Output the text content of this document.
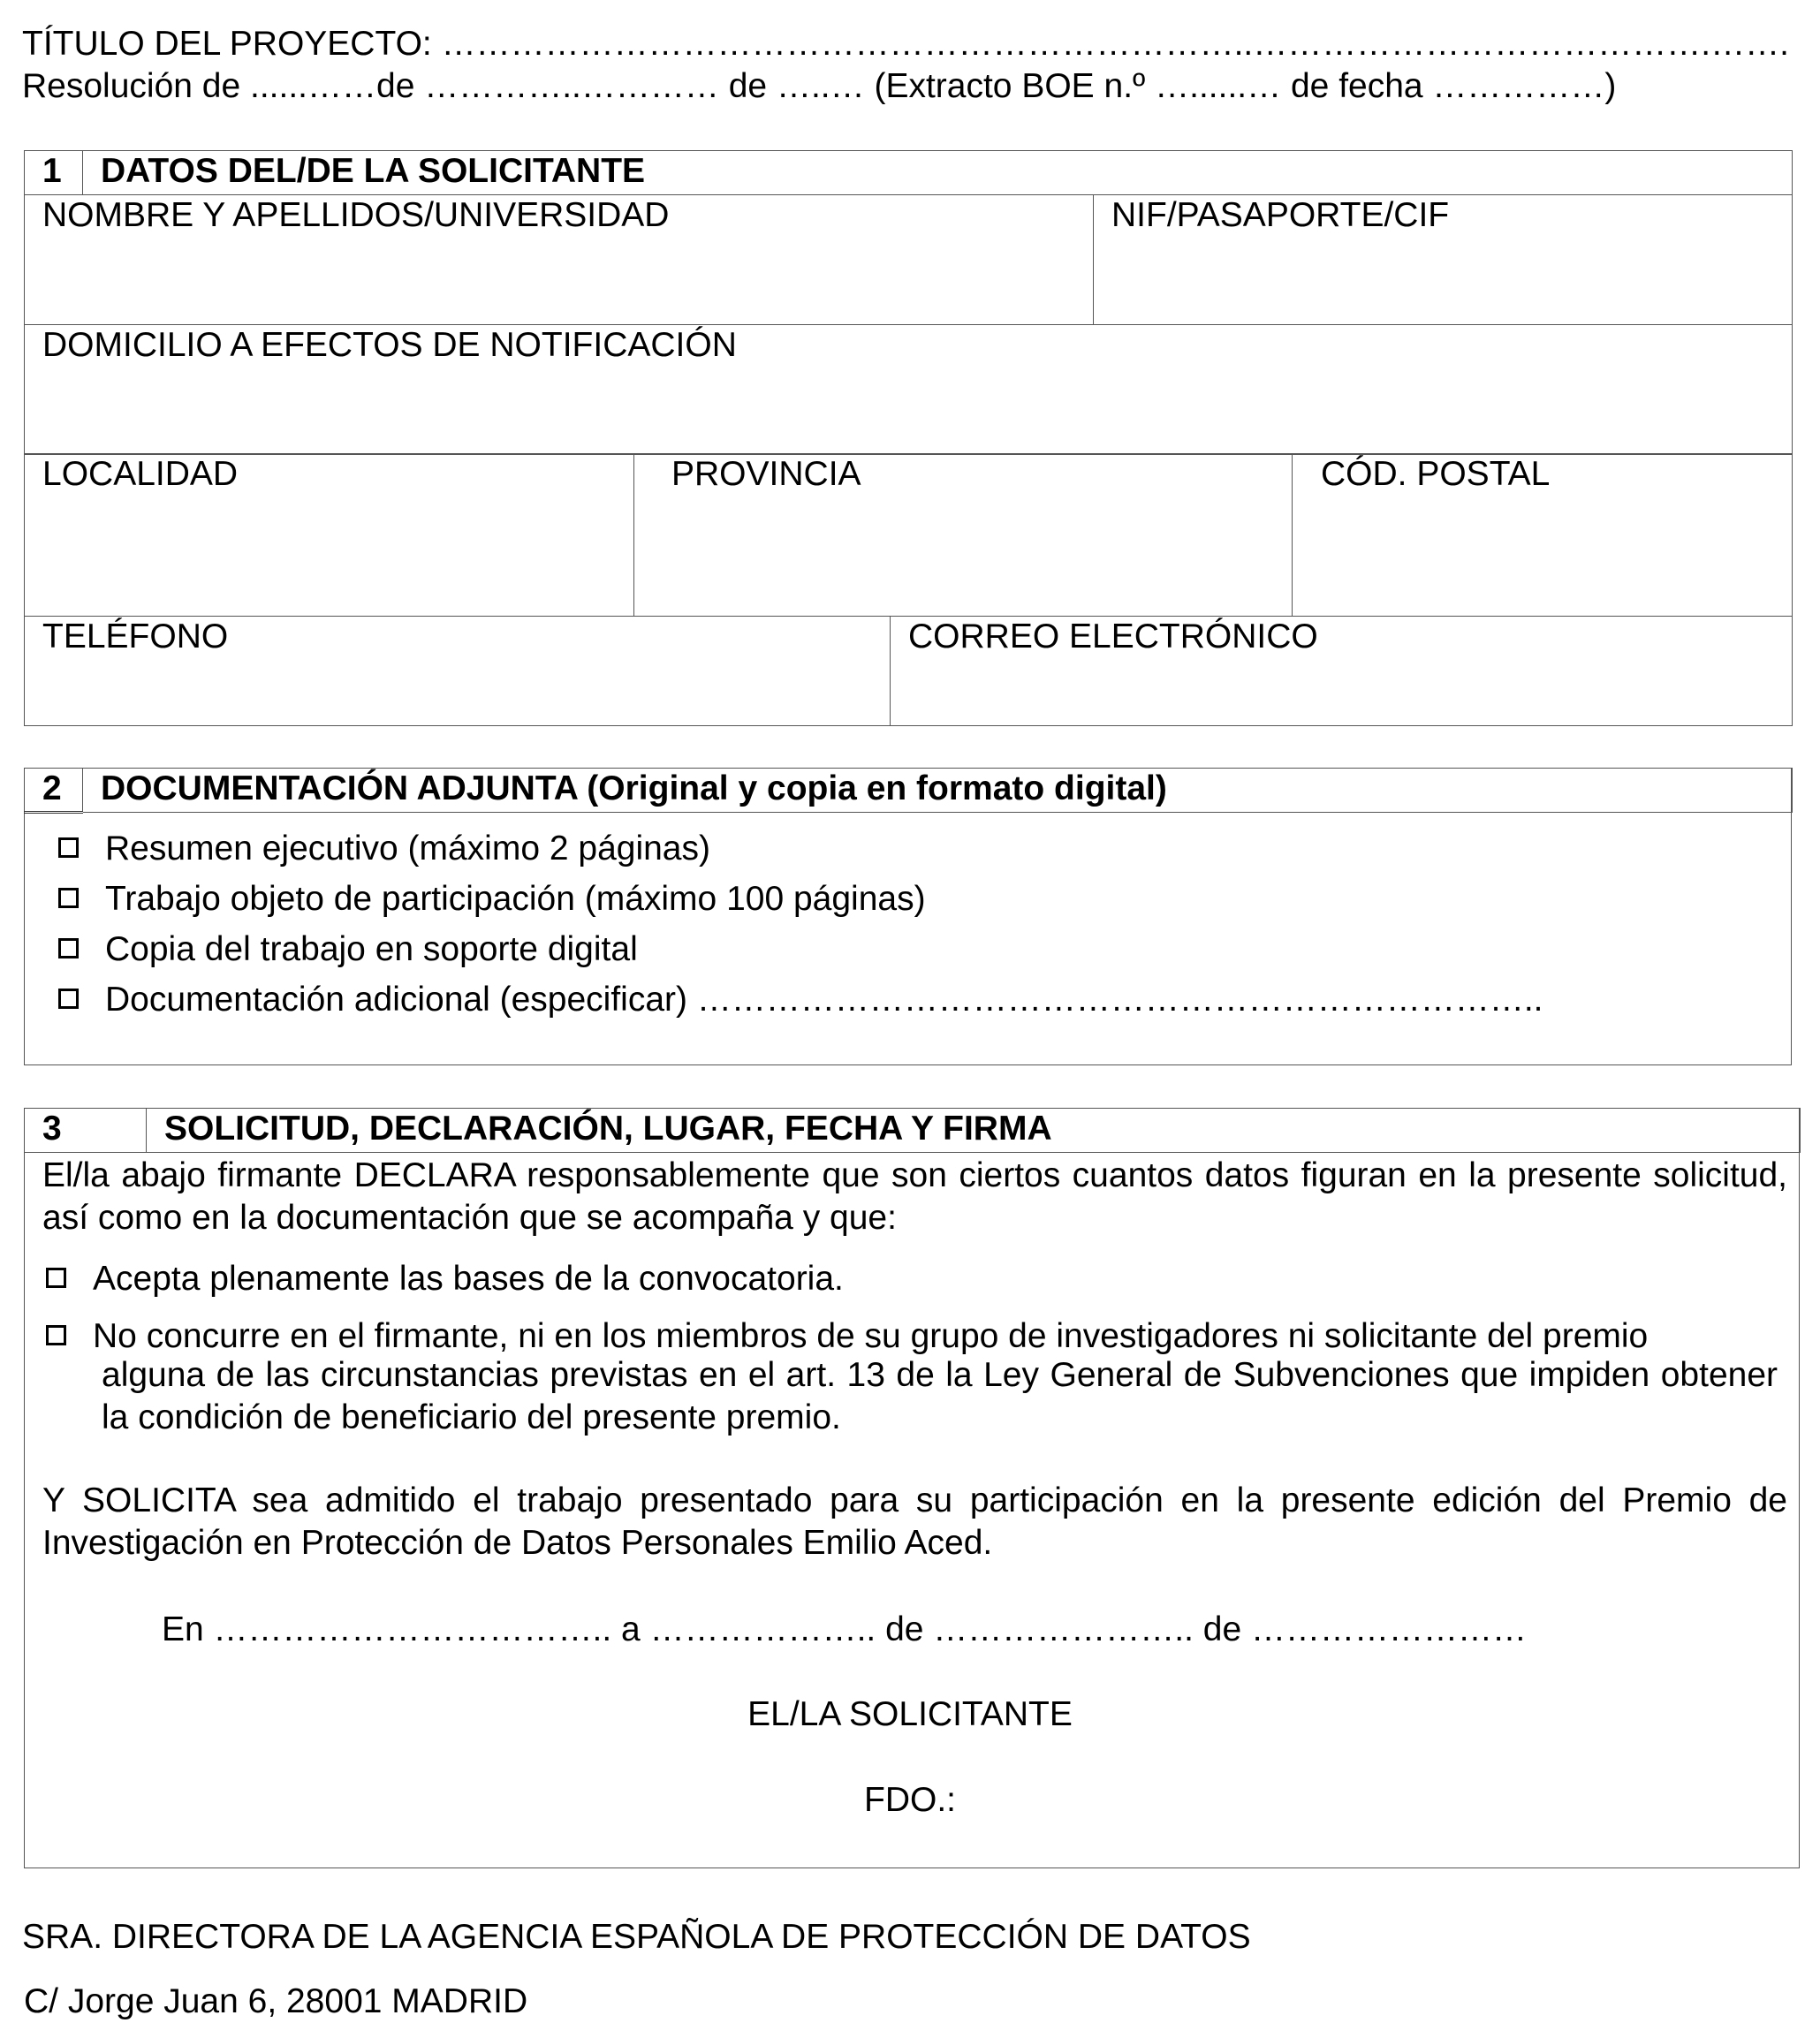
TÍTULO DEL PROYECTO: ……………………………………………………………..………………………………….…….
Resolución de ......……de …………..………… de …..… (Extracto BOE n.º …......… de fecha ……………)
1	DATOS DEL/DE LA SOLICITANTE	
NOMBRE Y APELLIDOS/UNIVERSIDAD		NIF/PASAPORTE/CIF
DOMICILIO A EFECTOS DE NOTIFICACIÓN		
LOCALIDAD	PROVINCIA	CÓD. POSTAL
TELÉFONO	CORREO ELECTRÓNICO
2	DOCUMENTACIÓN ADJUNTA (Original y copia en formato digital)
Resumen ejecutivo (máximo 2 páginas)
Trabajo objeto de participación (máximo 100 páginas)
Copia del trabajo en soporte digital
Documentación adicional (especificar) ………………………………………………………………..
3	SOLICITUD, DECLARACIÓN, LUGAR, FECHA Y FIRMA
El/la abajo firmante DECLARA responsablemente que son ciertos cuantos datos figuran en la presente solicitud, así como en la documentación que se acompaña y que:
Acepta plenamente las bases de la convocatoria.
No concurre en el firmante, ni en los miembros de su grupo de investigadores ni solicitante del premio
alguna de las circunstancias previstas en el art. 13 de la Ley General de Subvenciones que impiden obtener la condición de beneficiario del presente premio.
Y SOLICITA sea admitido el trabajo presentado para su participación en la presente edición del Premio de Investigación en Protección de Datos Personales Emilio Aced.
En …………………………….. a ……………….. de ………………….. de ……………………
EL/LA SOLICITANTE
FDO.:
SRA. DIRECTORA DE LA AGENCIA ESPAÑOLA DE PROTECCIÓN DE DATOS
C/ Jorge Juan 6, 28001 MADRID
